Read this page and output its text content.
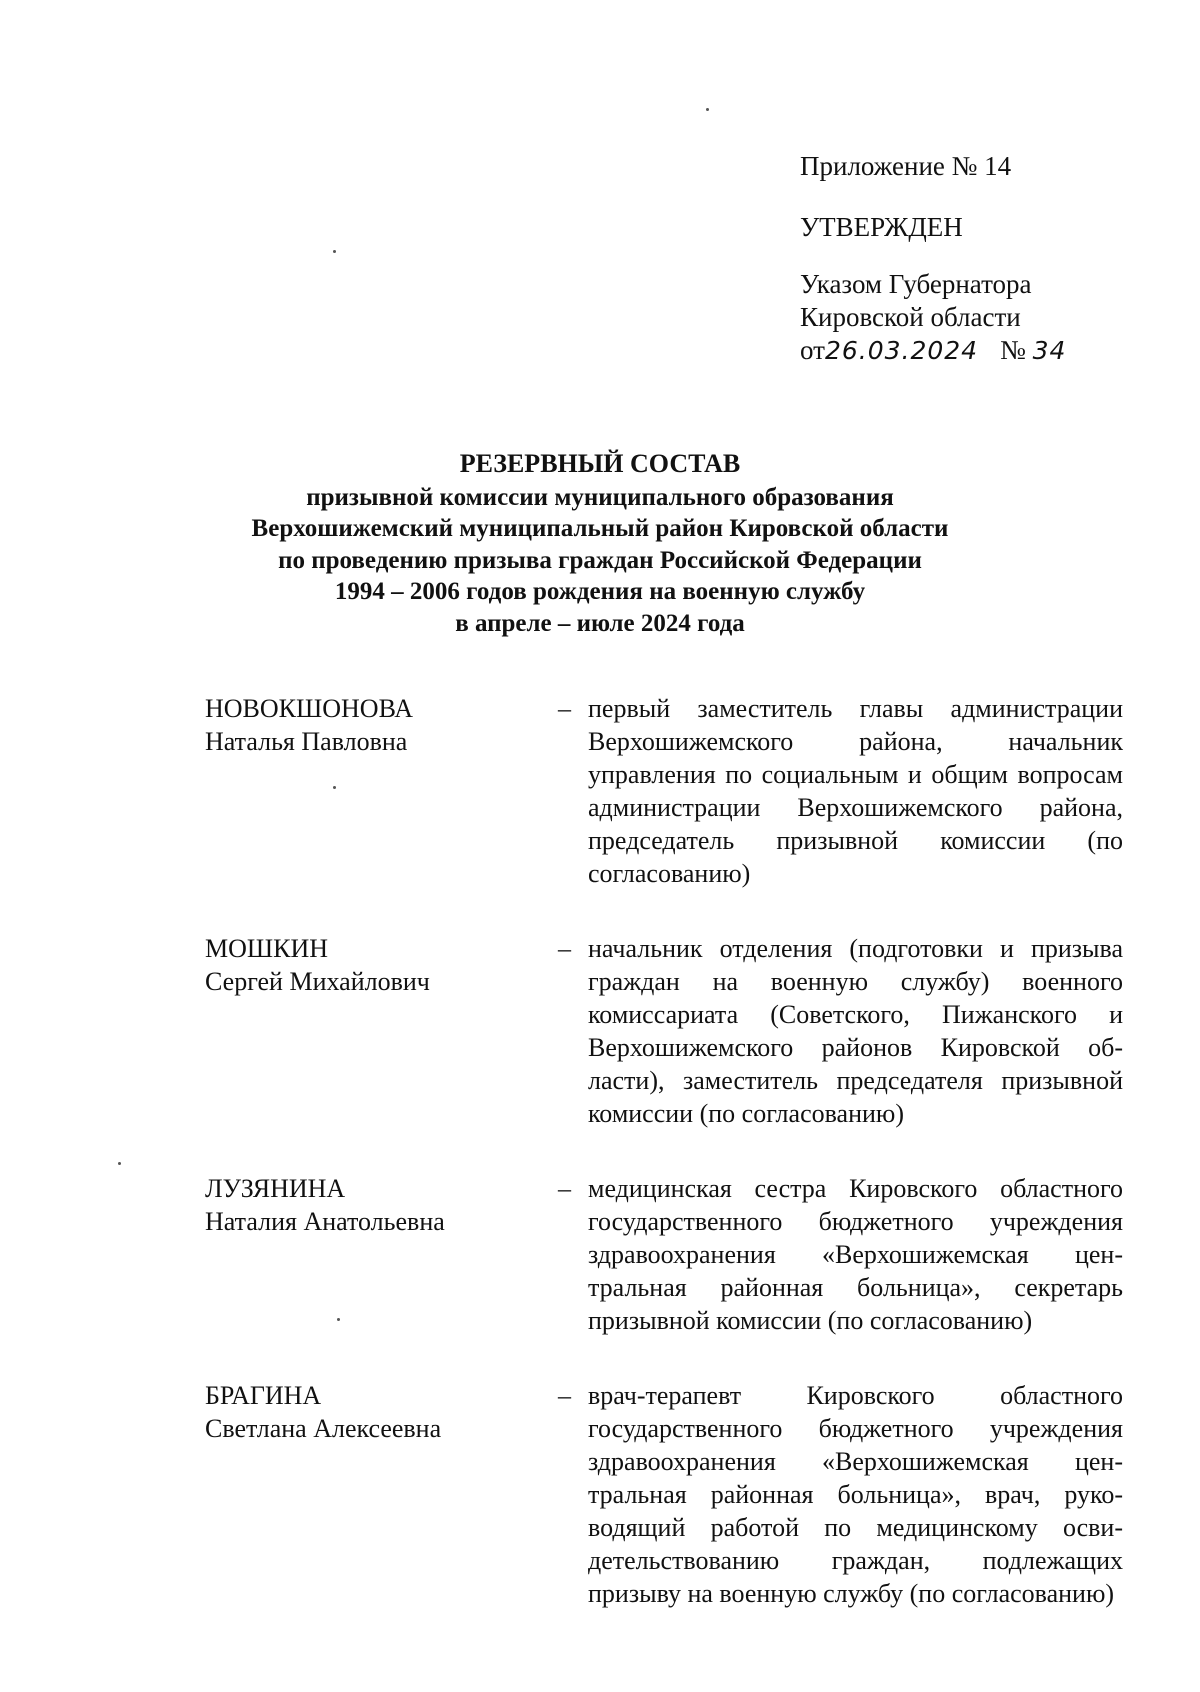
Приложение № 14
УТВЕРЖДЕН
Указом Губернатора
Кировской области
от26.03.2024 № 34
РЕЗЕРВНЫЙ СОСТАВ
призывной комиссии муниципального образования
Верхошижемский муниципальный район Кировской области
по проведению призыва граждан Российской Федерации
1994 – 2006 годов рождения на военную службу
в апреле – июле 2024 года
НОВОКШОНОВА
Наталья Павловна
– первый заместитель главы администрации Верхошижемского района, начальник управления по социальным и общим вопросам администрации Верхошижемского района, председатель призывной комиссии (по согласованию)
МОШКИН
Сергей Михайлович
– начальник отделения (подготовки и призыва граждан на военную службу) военного комиссариата (Советского, Пижанского и Верхошижемского районов Кировской области), заместитель председателя призывной комиссии (по согласованию)
ЛУЗЯНИНА
Наталия Анатольевна
– медицинская сестра Кировского областного государственного бюджетного учреждения здравоохранения «Верхошижемская центральная районная больница», секретарь призывной комиссии (по согласованию)
БРАГИНА
Светлана Алексеевна
– врач-терапевт Кировского областного государственного бюджетного учреждения здравоохранения «Верхошижемская центральная районная больница», врач, руководящий работой по медицинскому освидетельствованию граждан, подлежащих призыву на военную службу (по согласованию)
